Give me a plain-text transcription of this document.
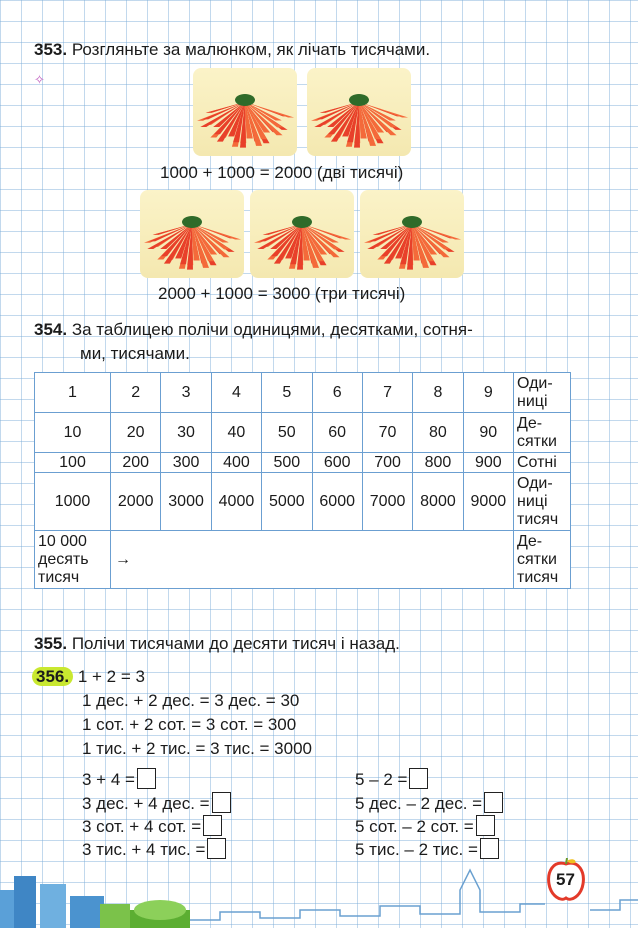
353. Розгляньте за малюнком, як лічать тисячами.
✧
1000 + 1000 = 2000 (дві тисячі)
2000 + 1000 = 3000 (три тисячі)
354. За таблицею полічи одиницями, десятками, сотня-
ми, тисячами.
1	2	3	4	5	6	7	8	9	Оди-
ниці
10	20	30	40	50	60	70	80	90	Де-
сятки
100	200	300	400	500	600	700	800	900	Сотні
1000	2000	3000	4000	5000	6000	7000	8000	9000	Оди-
ниці
тисяч
10 000
десять
тисяч	→								Де-
сятки
тисяч
355. Полічи тисячами до десяти тисяч і назад.
356. 1 + 2 = 3
1 дес. + 2 дес. = 3 дес. = 30
1 сот. + 2 сот. = 3 сот. = 300
1 тис. + 2 тис. = 3 тис. = 3000
3 + 4 =
3 дес. + 4 дес. =
3 сот. + 4 сот. =
3 тис. + 4 тис. =
5 – 2 =
5 дес. – 2 дес. =
5 сот. – 2 сот. =
5 тис. – 2 тис. =
57
